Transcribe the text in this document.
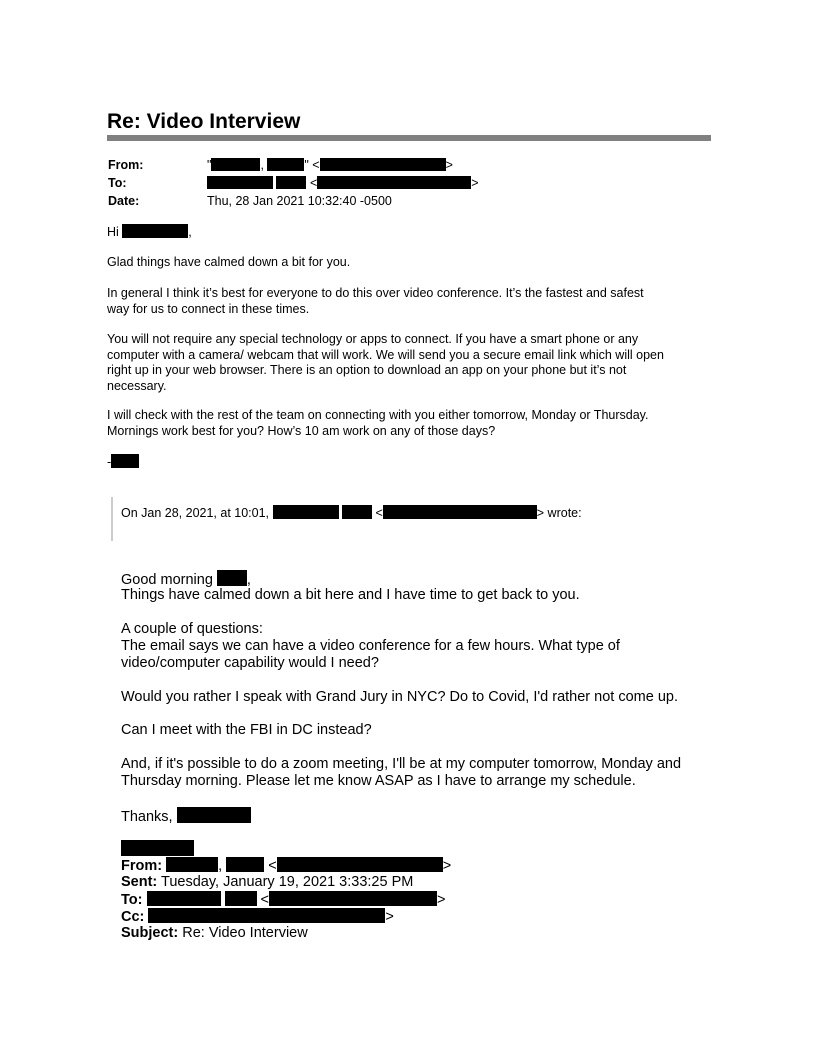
Re: Video Interview
From:	"	,	" <	>
To:	<	>
Date:	Thu, 28 Jan 2021 10:32:40 -0500
Hi	,
Glad things have calmed down a bit for you.
In general I think it’s best for everyone to do this over video conference. It’s the fastest and safest
way for us to connect in these times.
You will not require any special technology or apps to connect. If you have a smart phone or any
computer with a camera/ webcam that will work. We will send you a secure email link which will open
right up in your web browser. There is an option to download an app on your phone but it’s not
necessary.
I will check with the rest of the team on connecting with you either tomorrow, Monday or Thursday.
Mornings work best for you? How’s 10 am work on any of those days?
-
On Jan 28, 2021, at 10:01,	<	> wrote:
Good morning ,
Things have calmed down a bit here and I have time to get back to you.
A couple of questions:
The email says we can have a video conference for a few hours. What type of
video/computer capability would I need?
Would you rather I speak with Grand Jury in NYC? Do to Covid, I'd rather not come up.
Can I meet with the FBI in DC instead?
And, if it's possible to do a zoom meeting, I'll be at my computer tomorrow, Monday and
Thursday morning. Please let me know ASAP as I have to arrange my schedule.
Thanks,
From:	,	<	>
Sent: Tuesday, January 19, 2021 3:33:25 PM
To:	<	>
Cc:	>
Subject: Re: Video Interview
